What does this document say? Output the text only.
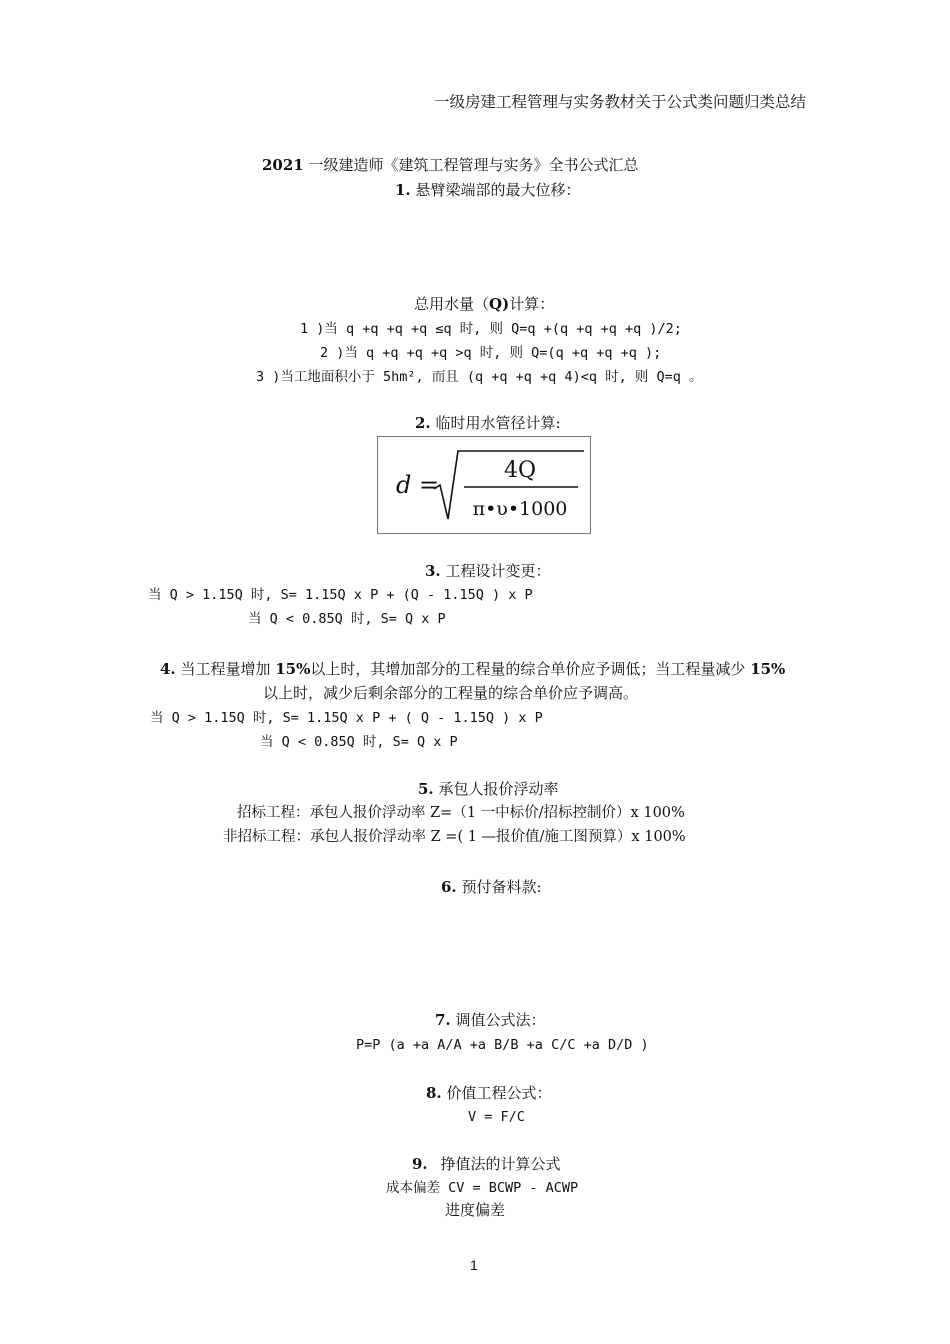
一级房建工程管理与实务教材关于公式类问题归类总结
2021 一级建造师《建筑工程管理与实务》全书公式汇总
1. 悬臂梁端部的最大位移：
总用水量（Q)计算：
1 )当 q +q +q +q ≤q 时, 则 Q=q +(q +q +q +q )/2;
2 )当 q +q +q +q >q 时, 则 Q=(q +q +q +q );
3 )当工地面积小于 5hm², 而且 (q +q +q +q 4)<q 时, 则 Q=q 。
2. 临时用水管径计算:
d =
4Q
π•υ•1000
3. 工程设计变更：
当 Q > 1.15Q 时, S= 1.15Q x P + (Q - 1.15Q ) x P
当 Q < 0.85Q 时, S= Q x P
4. 当工程量增加 15%以上时，其增加部分的工程量的综合单价应予调低；当工程量减少 15%
以上时，减少后剩余部分的工程量的综合单价应予调高。
当 Q > 1.15Q 时, S= 1.15Q x P + ( Q - 1.15Q ) x P
当 Q < 0.85Q 时, S= Q x P
5. 承包人报价浮动率
招标工程：承包人报价浮动率 Z=（1 一中标价/招标控制价）x 100%
非招标工程：承包人报价浮动率 Z =( 1 —报价值/施工图预算）x 100%
6. 预付备料款:
7. 调值公式法：
P=P (a +a A/A +a B/B +a C/C +a D/D )
8. 价值工程公式：
V = F/C
9. 挣值法的计算公式
成本偏差 CV = BCWP - ACWP
进度偏差
1
